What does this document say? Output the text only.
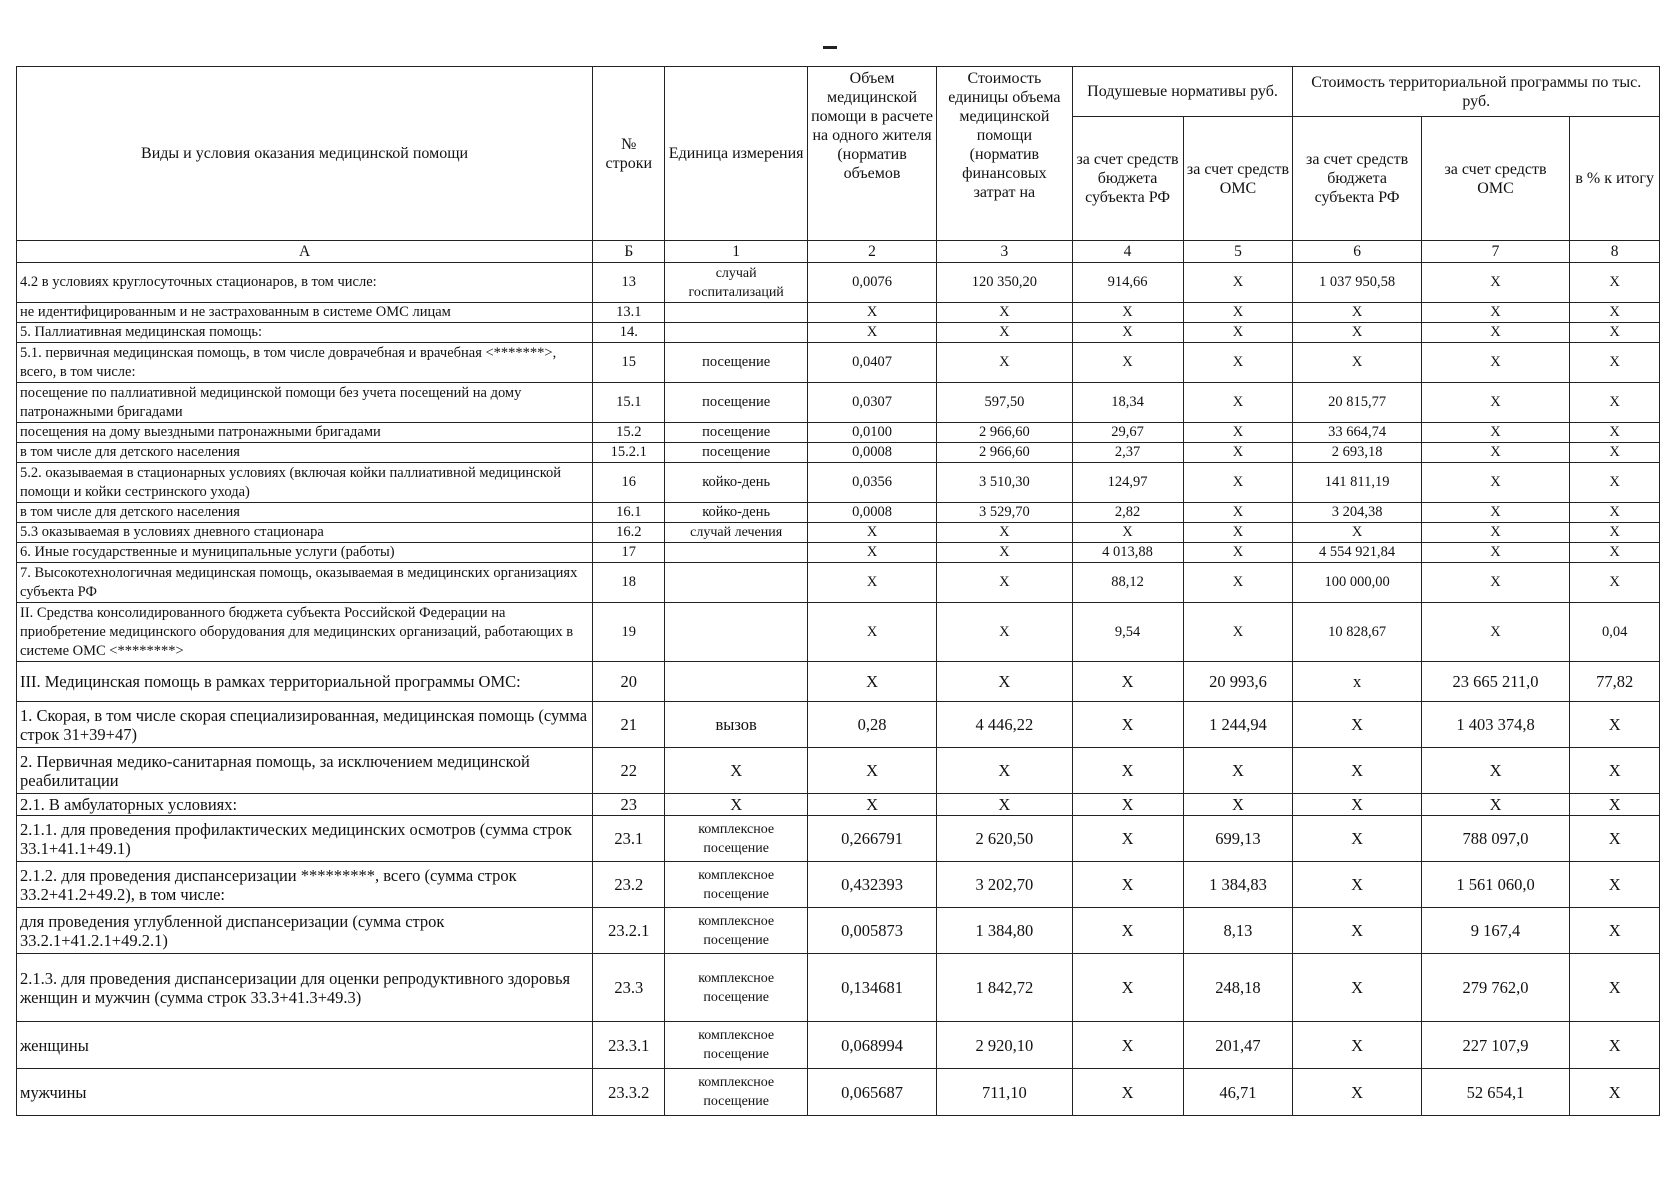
Виды и условия оказания медицинской помощи	№ строки	Единица измерения	Объем медицинской помощи в расчете на одного жителя (норматив объемов	Стоимость единицы объема медицинской помощи (норматив финансовых затрат на	Подушевые нормативы руб.		Стоимость территориальной программы по тыс. руб.		

					за счет средств бюджета субъекта РФ	за счет средств ОМС	за счет средств бюджета субъекта РФ	за счет средств ОМС	в % к итогу
А	Б	1	2	3	4	5	6	7	8
4.2 в условиях круглосуточных стационаров, в том числе:	13	случай госпитализаций	0,0076	120 350,20	914,66	X	1 037 950,58	X	X
не идентифицированным и не застрахованным в системе ОМС лицам	13.1		X	X	X	X	X	X	X
5. Паллиативная медицинская помощь:	14.		X	X	X	X	X	X	X
5.1. первичная медицинская помощь, в том числе доврачебная и врачебная <*******>, всего, в том числе:	15	посещение	0,0407	X	X	X	X	X	X
посещение по паллиативной медицинской помощи без учета посещений на дому патронажными бригадами	15.1	посещение	0,0307	597,50	18,34	X	20 815,77	X	X
посещения на дому выездными патронажными бригадами	15.2	посещение	0,0100	2 966,60	29,67	X	33 664,74	X	X
в том числе для детского населения	15.2.1	посещение	0,0008	2 966,60	2,37	X	2 693,18	X	X
5.2. оказываемая в стационарных условиях (включая койки паллиативной медицинской помощи и койки сестринского ухода)	16	койко-день	0,0356	3 510,30	124,97	X	141 811,19	X	X
в том числе для детского населения	16.1	койко-день	0,0008	3 529,70	2,82	X	3 204,38	X	X
5.3 оказываемая в условиях дневного стационара	16.2	случай лечения	X	X	X	X	X	X	X
6. Иные государственные и муниципальные услуги (работы)	17		X	X	4 013,88	X	4 554 921,84	X	X
7. Высокотехнологичная медицинская помощь, оказываемая в медицинских организациях субъекта РФ	18		X	X	88,12	X	100 000,00	X	X
II. Средства консолидированного бюджета субъекта Российской Федерации на приобретение медицинского оборудования для медицинских организаций, работающих в системе ОМС <********>	19		X	X	9,54	X	10 828,67	X	0,04
III. Медицинская помощь в рамках территориальной программы ОМС:	20		X	X	X	20 993,6	x	23 665 211,0	77,82
1. Скорая, в том числе скорая специализированная, медицинская помощь (сумма строк 31+39+47)	21	вызов	0,28	4 446,22	X	1 244,94	X	1 403 374,8	X
2. Первичная медико-санитарная помощь, за исключением медицинской реабилитации	22	X	X	X	X	X	X	X	X
2.1. В амбулаторных условиях:	23	X	X	X	X	X	X	X	X
2.1.1. для проведения профилактических медицинских осмотров (сумма строк 33.1+41.1+49.1)	23.1	комплексное посещение	0,266791	2 620,50	X	699,13	X	788 097,0	X
2.1.2. для проведения диспансеризации *********, всего (сумма строк 33.2+41.2+49.2), в том числе:	23.2	комплексное посещение	0,432393	3 202,70	X	1 384,83	X	1 561 060,0	X
для проведения углубленной диспансеризации (сумма строк 33.2.1+41.2.1+49.2.1)	23.2.1	комплексное посещение	0,005873	1 384,80	X	8,13	X	9 167,4	X
2.1.3. для проведения диспансеризации для оценки репродуктивного здоровья женщин и мужчин (сумма строк 33.3+41.3+49.3)	23.3	комплексное посещение	0,134681	1 842,72	X	248,18	X	279 762,0	X
женщины	23.3.1	комплексное посещение	0,068994	2 920,10	X	201,47	X	227 107,9	X
мужчины	23.3.2	комплексное посещение	0,065687	711,10	X	46,71	X	52 654,1	X
